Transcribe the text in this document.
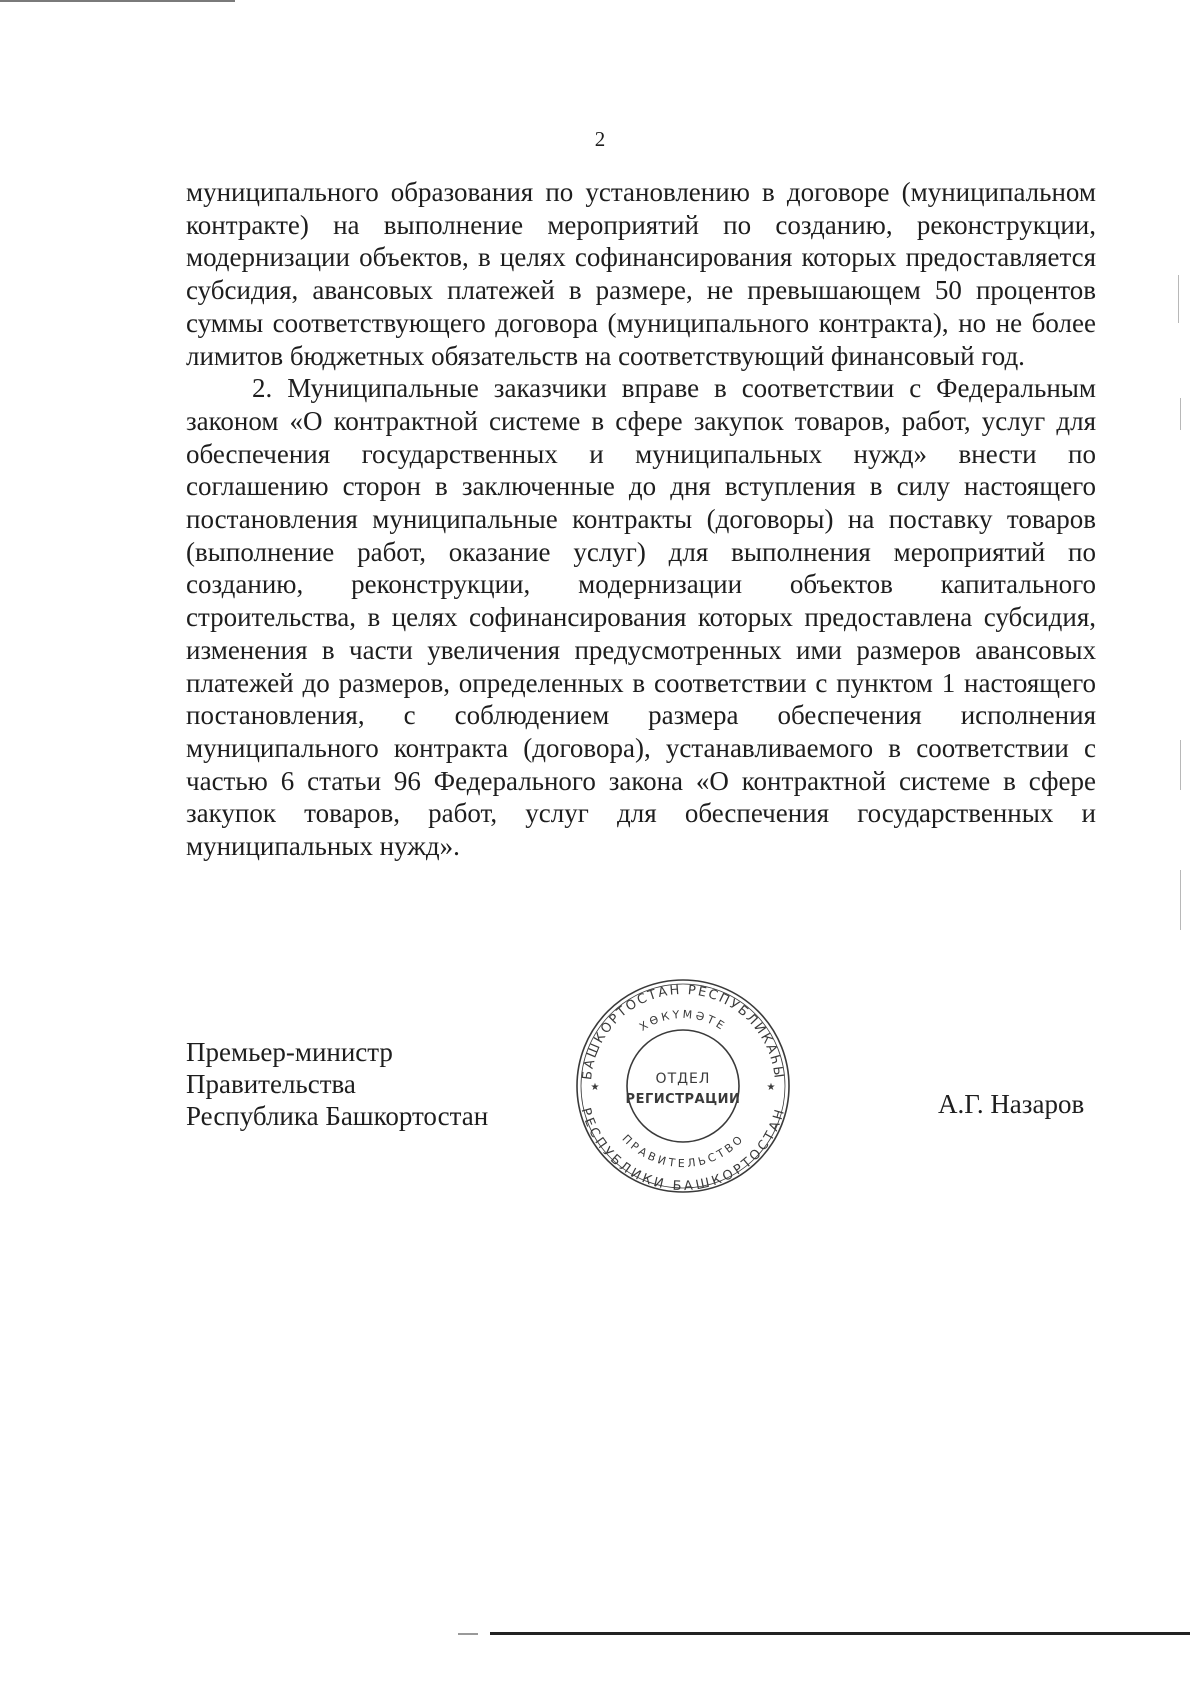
2

муниципального образования по установлению в договоре (муниципальном контракте) на выполнение мероприятий по созданию, реконструкции, модернизации объектов, в целях софинансирования которых предоставляется субсидия, авансовых платежей в размере, не превышающем 50 процентов суммы соответствующего договора (муниципального контракта), но не более лимитов бюджетных обязательств на соответствующий финансовый год.

2. Муниципальные заказчики вправе в соответствии с Федеральным законом «О контрактной системе в сфере закупок товаров, работ, услуг для обеспечения государственных и муниципальных нужд» внести по соглашению сторон в заключенные до дня вступления в силу настоящего постановления муниципальные контракты (договоры) на поставку товаров (выполнение работ, оказание услуг) для выполнения мероприятий по созданию, реконструкции, модернизации объектов капитального строительства, в целях софинансирования которых предоставлена субсидия, изменения в части увеличения предусмотренных ими размеров авансовых платежей до размеров, определенных в соответствии с пунктом 1 настоящего постановления, с соблюдением размера обеспечения исполнения муниципального контракта (договора), устанавливаемого в соответствии с частью 6 статьи 96 Федерального закона «О контрактной системе в сфере закупок товаров, работ, услуг для обеспечения государственных и муниципальных нужд».

Премьер-министр
Правительства
Республика Башкортостан
БАШКОРТОСТАН РЕСПУБЛИКАҺЫ
ХӨКҮМӘТЕ
РЕСПУБЛИКИ БАШКОРТОСТАН
ПРАВИТЕЛЬСТВО
★	★
ОТДЕЛ
РЕГИСТРАЦИИ	А.Г. Назаров
